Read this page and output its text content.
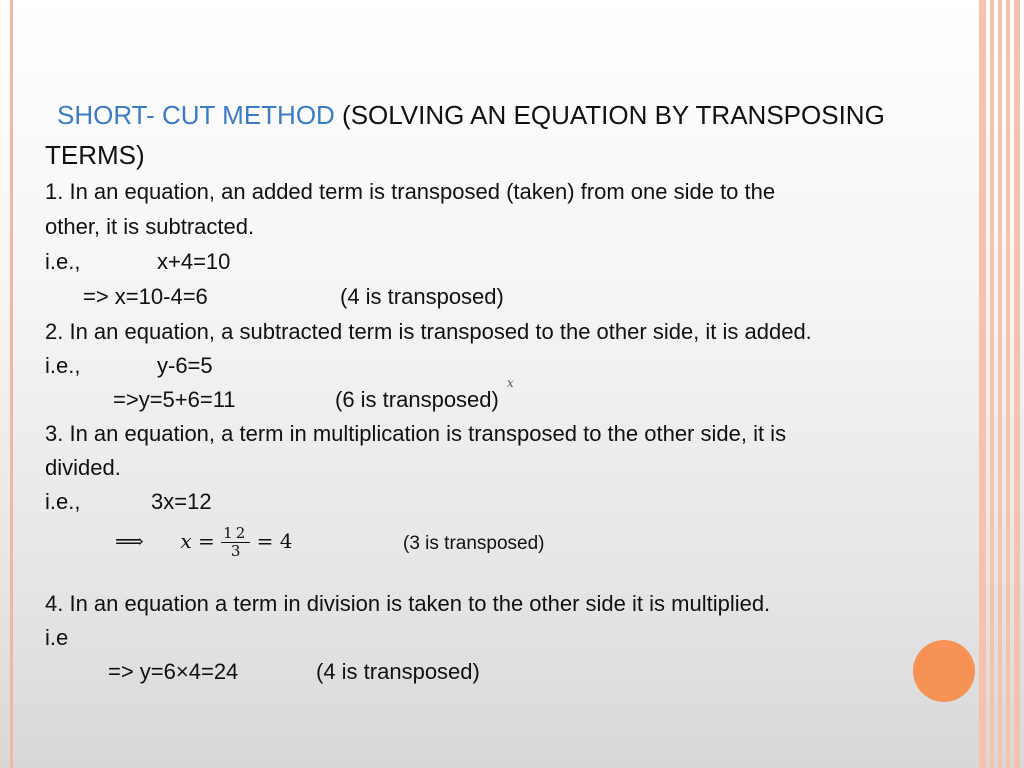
SHORT- CUT METHOD (SOLVING AN EQUATION BY TRANSPOSING
TERMS)
1. In an equation, an added term is transposed (taken) from one side to the
other, it is subtracted.
i.e.,	x+4=10
=> x=10-4=6	(4 is transposed)
2. In an equation, a subtracted term is transposed to the other side, it is added.
i.e.,	y-6=5
=>y=5+6=11	(6 is transposed)
3. In an equation, a term in multiplication is transposed to the other side, it is
divided.
i.e.,	3x=12
⟹ $x = \frac{12}{3} = 4$	(3 is transposed)
4. In an equation a term in division is taken to the other side it is multiplied.
i.e
=> y=6×4=24	(4 is transposed)
x
